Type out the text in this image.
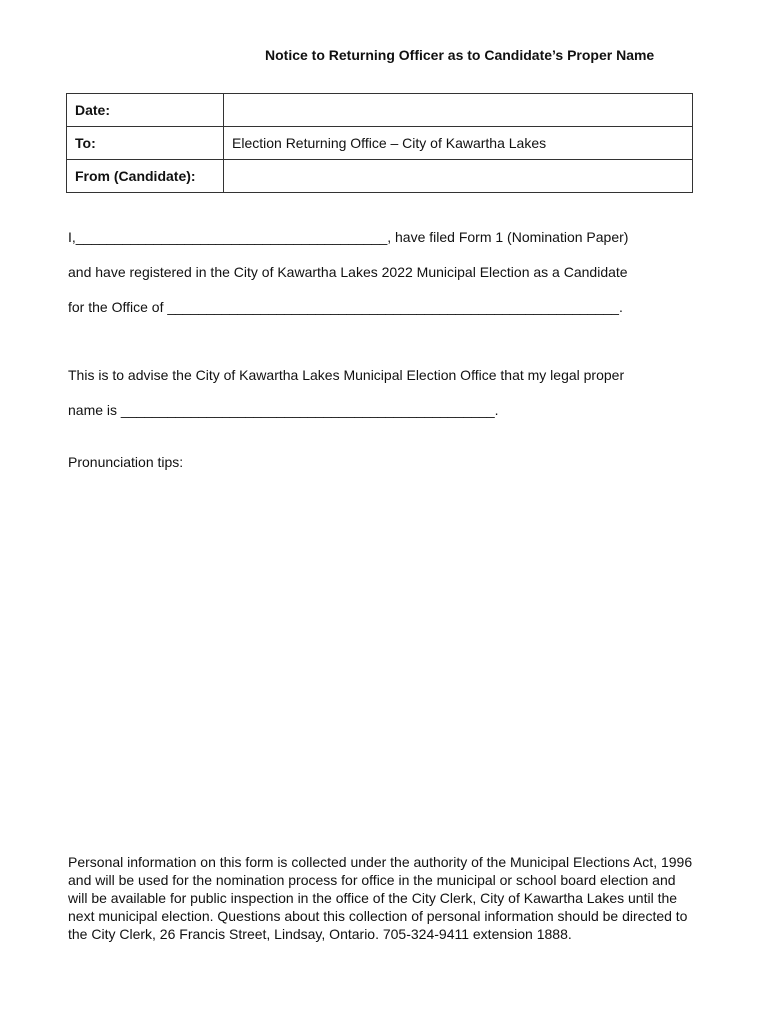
Notice to Returning Officer as to Candidate’s Proper Name
Date:	
To:	Election Returning Office – City of Kawartha Lakes
From (Candidate):	
I,________________________________________, have filed Form 1 (Nomination Paper)
and have registered in the City of Kawartha Lakes 2022 Municipal Election as a Candidate
for the Office of __________________________________________________________.
This is to advise the City of Kawartha Lakes Municipal Election Office that my legal proper
name is ________________________________________________.
Pronunciation tips:
Personal information on this form is collected under the authority of the Municipal Elections Act, 1996 and will be used for the nomination process for office in the municipal or school board election and will be available for public inspection in the office of the City Clerk, City of Kawartha Lakes until the next municipal election. Questions about this collection of personal information should be directed to the City Clerk, 26 Francis Street, Lindsay, Ontario. 705-324-9411 extension 1888.
